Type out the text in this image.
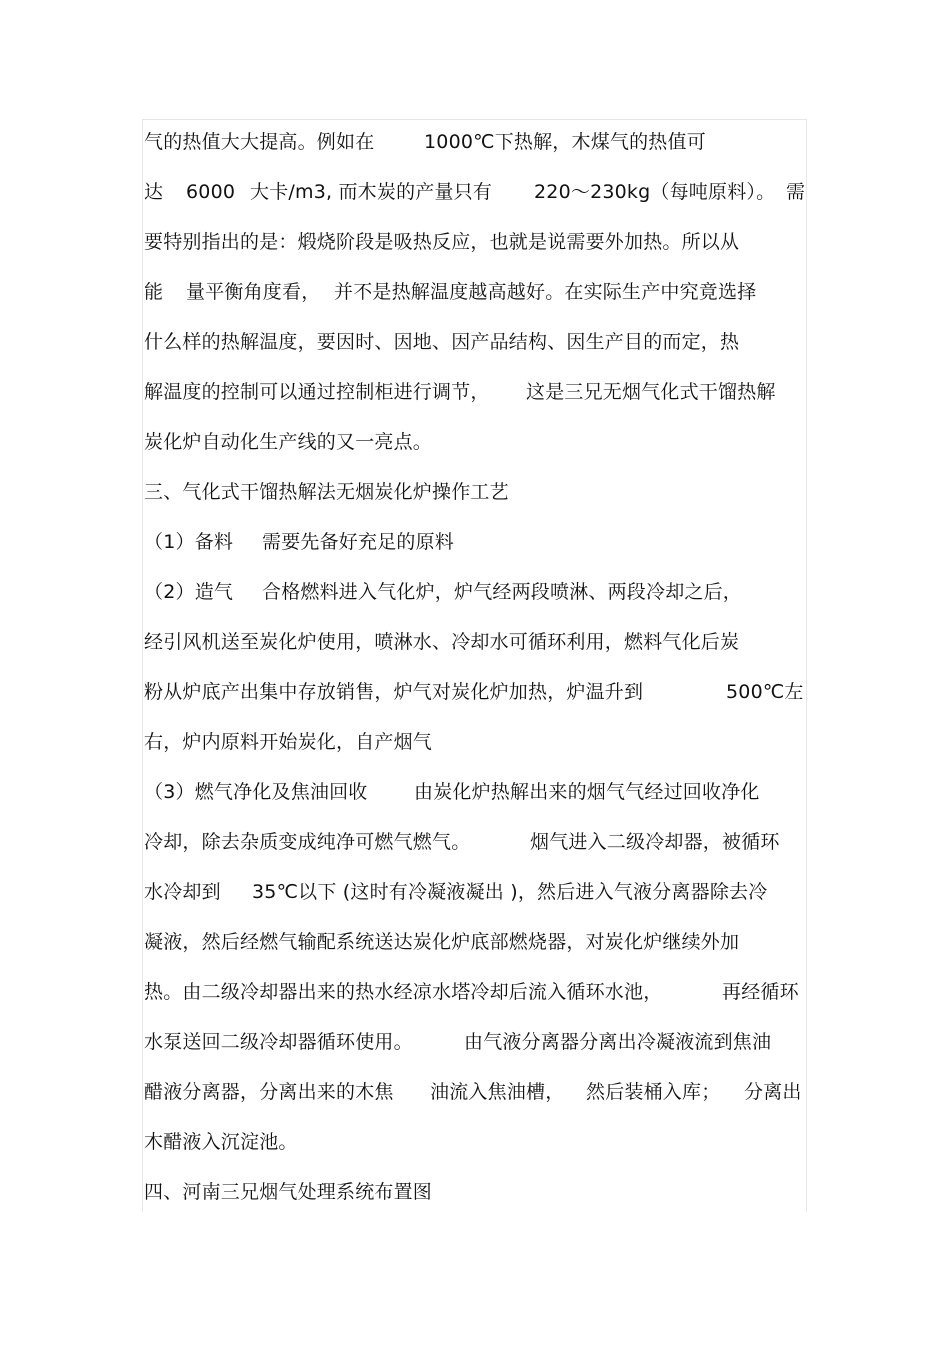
气的热值大大提高。例如在	1000℃下热解，木煤气的热值可
达 6000 大卡/m3, 而木炭的产量只有 220～230kg（每吨原料）。 需
要特别指出的是：煅烧阶段是吸热反应，也就是说需要外加热。所以从
能 量平衡角度看， 并不是热解温度越高越好。在实际生产中究竟选择
什么样的热解温度，要因时、因地、因产品结构、因生产目的而定，热
解温度的控制可以通过控制柜进行调节， 这是三兄无烟气化式干馏热解
炭化炉自动化生产线的又一亮点。
三、气化式干馏热解法无烟炭化炉操作工艺
（1）备料 需要先备好充足的原料
（2）造气 合格燃料进入气化炉，炉气经两段喷淋、两段冷却之后，
经引风机送至炭化炉使用，喷淋水、冷却水可循环利用，燃料气化后炭
粉从炉底产出集中存放销售，炉气对炭化炉加热，炉温升到	500℃左
右，炉内原料开始炭化，自产烟气
（3）燃气净化及焦油回收 由炭化炉热解出来的烟气气经过回收净化
冷却，除去杂质变成纯净可燃气燃气。	烟气进入二级冷却器，被循环
水冷却到 35℃以下 (这时有冷凝液凝出 )，然后进入气液分离器除去冷
凝液，然后经燃气输配系统送达炭化炉底部燃烧器，对炭化炉继续外加
热。由二级冷却器出来的热水经凉水塔冷却后流入循环水池，	再经循环
水泵送回二级冷却器循环使用。	由气液分离器分离出冷凝液流到焦油
醋液分离器，分离出来的木焦 油流入焦油槽， 然后装桶入库； 分离出
木醋液入沉淀池。
四、河南三兄烟气处理系统布置图
